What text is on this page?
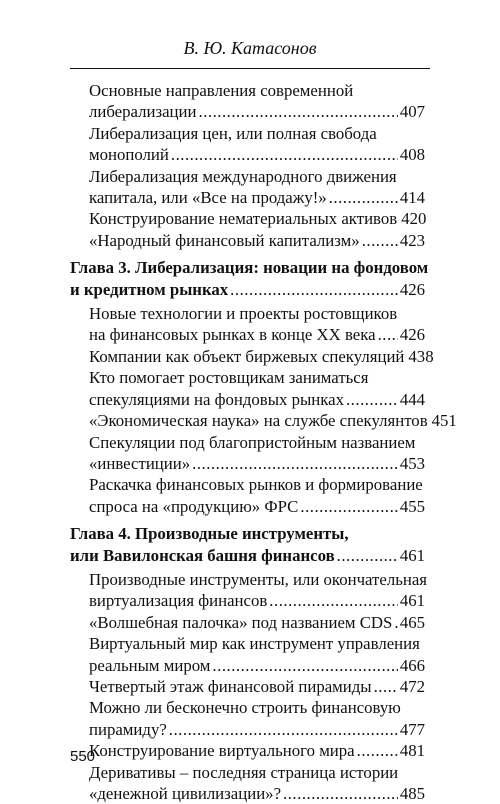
В. Ю. Катасонов
Основные направления современной
либерализации .....	407
Либерализация цен, или полная свобода
монополий .....	408
Либерализация международного движения
капитала, или «Все на продажу!» .....	414
Конструирование нематериальных активов 420
«Народный финансовый капитализм» ..... 423
Глава 3. Либерализация: новации на фондовом
и кредитном рынках .....	426
Новые технологии и проекты ростовщиков
на финансовых рынках в конце ХХ века ..... 426
Компании как объект биржевых спекуляций 438
Кто помогает ростовщикам заниматься
спекуляциями на фондовых рынках .....	444
«Экономическая наука» на службе спекулянтов 451
Спекуляции под благопристойным названием
«инвестиции» .....	453
Раскачка финансовых рынков и формирование
спроса на «продукцию» ФРС .....	455
Глава 4. Производные инструменты,
или Вавилонская башня финансов .....	461
Производные инструменты, или окончательная
виртуализация финансов .....	461
«Волшебная палочка» под названием CDS ..... 465
Виртуальный мир как инструмент управления
реальным миром .....	466
Четвертый этаж финансовой пирамиды ..... 472
Можно ли бесконечно строить финансовую
пирамиду? .....	477
Конструирование виртуального мира .....	481
Деривативы – последняя страница истории
«денежной цивилизации»? .....	485
550
